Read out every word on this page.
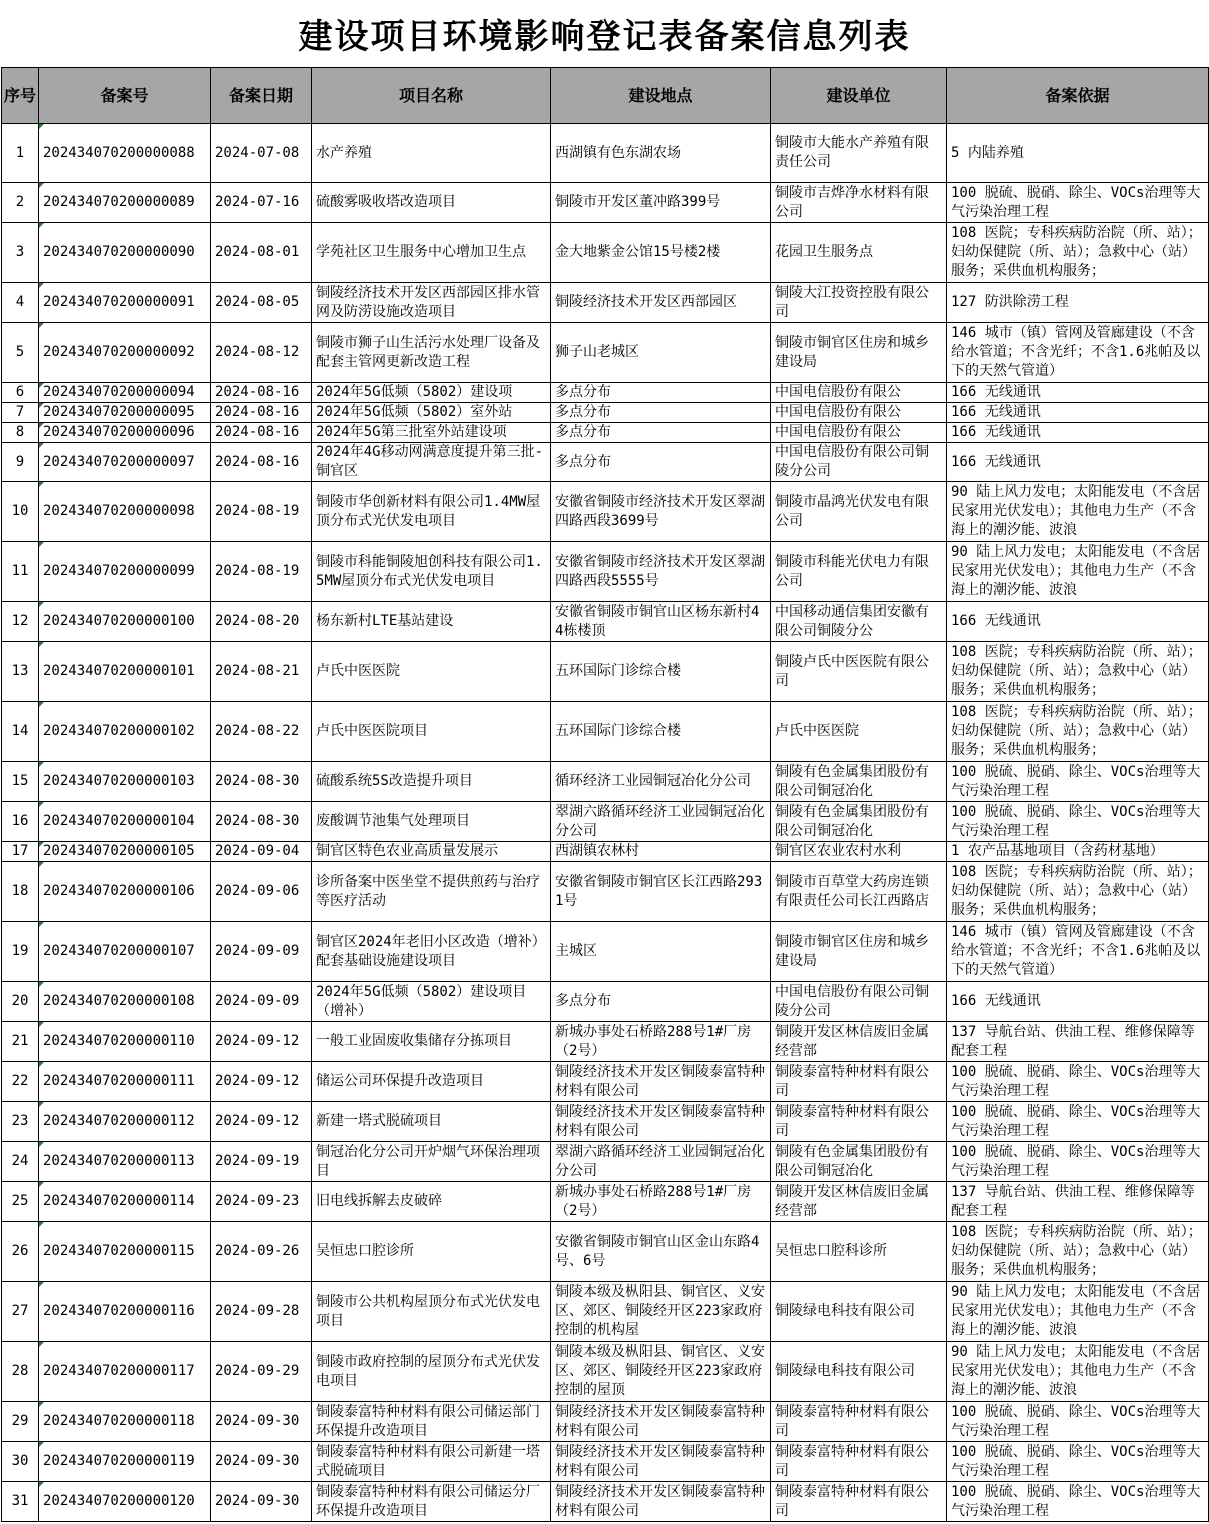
建设项目环境影响登记表备案信息列表
序号	备案号	备案日期	项目名称	建设地点	建设单位	备案依据

1	202434070200000088	2024-07-08	水产养殖	西湖镇有色东湖农场	铜陵市大能水产养殖有限责任公司	5 内陆养殖

2	202434070200000089	2024-07-16	硫酸雾吸收塔改造项目	铜陵市开发区董冲路399号	铜陵市吉烨净水材料有限公司	100 脱硫、脱硝、除尘、VOCs治理等大气污染治理工程

3	202434070200000090	2024-08-01	学苑社区卫生服务中心增加卫生点	金大地紫金公馆15号楼2楼	花园卫生服务点	108 医院；专科疾病防治院（所、站）；妇幼保健院（所、站）；急救中心（站）服务；采供血机构服务；

4	202434070200000091	2024-08-05	铜陵经济技术开发区西部园区排水管网及防涝设施改造项目	铜陵经济技术开发区西部园区	铜陵大江投资控股有限公司	127 防洪除涝工程

5	202434070200000092	2024-08-12	铜陵市狮子山生活污水处理厂设备及配套主管网更新改造工程	狮子山老城区	铜陵市铜官区住房和城乡建设局	146 城市（镇）管网及管廊建设（不含给水管道；不含光纤；不含1.6兆帕及以下的天然气管道）

6	202434070200000094	2024-08-16	2024年5G低频（5802）建设项	多点分布	中国电信股份有限公	166 无线通讯

7	202434070200000095	2024-08-16	2024年5G低频（5802）室外站	多点分布	中国电信股份有限公	166 无线通讯

8	202434070200000096	2024-08-16	2024年5G第三批室外站建设项	多点分布	中国电信股份有限公	166 无线通讯

9	202434070200000097	2024-08-16	2024年4G移动网满意度提升第三批-铜官区	多点分布	中国电信股份有限公司铜陵分公司	166 无线通讯

10	202434070200000098	2024-08-19	铜陵市华创新材料有限公司1.4MW屋顶分布式光伏发电项目	安徽省铜陵市经济技术开发区翠湖四路西段3699号	铜陵市晶鸿光伏发电有限公司	90 陆上风力发电；太阳能发电（不含居民家用光伏发电）；其他电力生产（不含海上的潮汐能、波浪

11	202434070200000099	2024-08-19	铜陵市科能铜陵旭创科技有限公司1.5MW屋顶分布式光伏发电项目	安徽省铜陵市经济技术开发区翠湖四路西段5555号	铜陵市科能光伏电力有限公司	90 陆上风力发电；太阳能发电（不含居民家用光伏发电）；其他电力生产（不含海上的潮汐能、波浪

12	202434070200000100	2024-08-20	杨东新村LTE基站建设	安徽省铜陵市铜官山区杨东新村44栋楼顶	中国移动通信集团安徽有限公司铜陵分公	166 无线通讯

13	202434070200000101	2024-08-21	卢氏中医医院	五环国际门诊综合楼	铜陵卢氏中医医院有限公司	108 医院；专科疾病防治院（所、站）；妇幼保健院（所、站）；急救中心（站）服务；采供血机构服务；

14	202434070200000102	2024-08-22	卢氏中医医院项目	五环国际门诊综合楼	卢氏中医医院	108 医院；专科疾病防治院（所、站）；妇幼保健院（所、站）；急救中心（站）服务；采供血机构服务；

15	202434070200000103	2024-08-30	硫酸系统5S改造提升项目	循环经济工业园铜冠冶化分公司	铜陵有色金属集团股份有限公司铜冠冶化	100 脱硫、脱硝、除尘、VOCs治理等大气污染治理工程

16	202434070200000104	2024-08-30	废酸调节池集气处理项目	翠湖六路循环经济工业园铜冠冶化分公司	铜陵有色金属集团股份有限公司铜冠冶化	100 脱硫、脱硝、除尘、VOCs治理等大气污染治理工程

17	202434070200000105	2024-09-04	铜官区特色农业高质量发展示	西湖镇农林村	铜官区农业农村水利	1 农产品基地项目（含药材基地）

18	202434070200000106	2024-09-06	诊所备案中医坐堂不提供煎药与治疗等医疗活动	安徽省铜陵市铜官区长江西路2931号	铜陵市百草堂大药房连锁有限责任公司长江西路店	108 医院；专科疾病防治院（所、站）；妇幼保健院（所、站）；急救中心（站）服务；采供血机构服务；

19	202434070200000107	2024-09-09	铜官区2024年老旧小区改造（增补）配套基础设施建设项目	主城区	铜陵市铜官区住房和城乡建设局	146 城市（镇）管网及管廊建设（不含给水管道；不含光纤；不含1.6兆帕及以下的天然气管道）

20	202434070200000108	2024-09-09	2024年5G低频（5802）建设项目（增补）	多点分布	中国电信股份有限公司铜陵分公司	166 无线通讯

21	202434070200000110	2024-09-12	一般工业固废收集储存分拣项目	新城办事处石桥路288号1#厂房（2号）	铜陵开发区林信废旧金属经营部	137 导航台站、供油工程、维修保障等配套工程

22	202434070200000111	2024-09-12	储运公司环保提升改造项目	铜陵经济技术开发区铜陵泰富特种材料有限公司	铜陵泰富特种材料有限公司	100 脱硫、脱硝、除尘、VOCs治理等大气污染治理工程

23	202434070200000112	2024-09-12	新建一塔式脱硫项目	铜陵经济技术开发区铜陵泰富特种材料有限公司	铜陵泰富特种材料有限公司	100 脱硫、脱硝、除尘、VOCs治理等大气污染治理工程

24	202434070200000113	2024-09-19	铜冠冶化分公司开炉烟气环保治理项目	翠湖六路循环经济工业园铜冠冶化分公司	铜陵有色金属集团股份有限公司铜冠冶化	100 脱硫、脱硝、除尘、VOCs治理等大气污染治理工程

25	202434070200000114	2024-09-23	旧电线拆解去皮破碎	新城办事处石桥路288号1#厂房（2号）	铜陵开发区林信废旧金属经营部	137 导航台站、供油工程、维修保障等配套工程

26	202434070200000115	2024-09-26	吴恒忠口腔诊所	安徽省铜陵市铜官山区金山东路4号、6号	吴恒忠口腔科诊所	108 医院；专科疾病防治院（所、站）；妇幼保健院（所、站）；急救中心（站）服务；采供血机构服务；

27	202434070200000116	2024-09-28	铜陵市公共机构屋顶分布式光伏发电项目	铜陵本级及枞阳县、铜官区、义安区、郊区、铜陵经开区223家政府控制的机构屋	铜陵绿电科技有限公司	90 陆上风力发电；太阳能发电（不含居民家用光伏发电）；其他电力生产（不含海上的潮汐能、波浪

28	202434070200000117	2024-09-29	铜陵市政府控制的屋顶分布式光伏发电项目	铜陵本级及枞阳县、铜官区、义安区、郊区、铜陵经开区223家政府控制的屋顶	铜陵绿电科技有限公司	90 陆上风力发电；太阳能发电（不含居民家用光伏发电）；其他电力生产（不含海上的潮汐能、波浪

29	202434070200000118	2024-09-30	铜陵泰富特种材料有限公司储运部门环保提升改造项目	铜陵经济技术开发区铜陵泰富特种材料有限公司	铜陵泰富特种材料有限公司	100 脱硫、脱硝、除尘、VOCs治理等大气污染治理工程

30	202434070200000119	2024-09-30	铜陵泰富特种材料有限公司新建一塔式脱硫项目	铜陵经济技术开发区铜陵泰富特种材料有限公司	铜陵泰富特种材料有限公司	100 脱硫、脱硝、除尘、VOCs治理等大气污染治理工程

31	202434070200000120	2024-09-30	铜陵泰富特种材料有限公司储运分厂环保提升改造项目	铜陵经济技术开发区铜陵泰富特种材料有限公司	铜陵泰富特种材料有限公司	100 脱硫、脱硝、除尘、VOCs治理等大气污染治理工程
